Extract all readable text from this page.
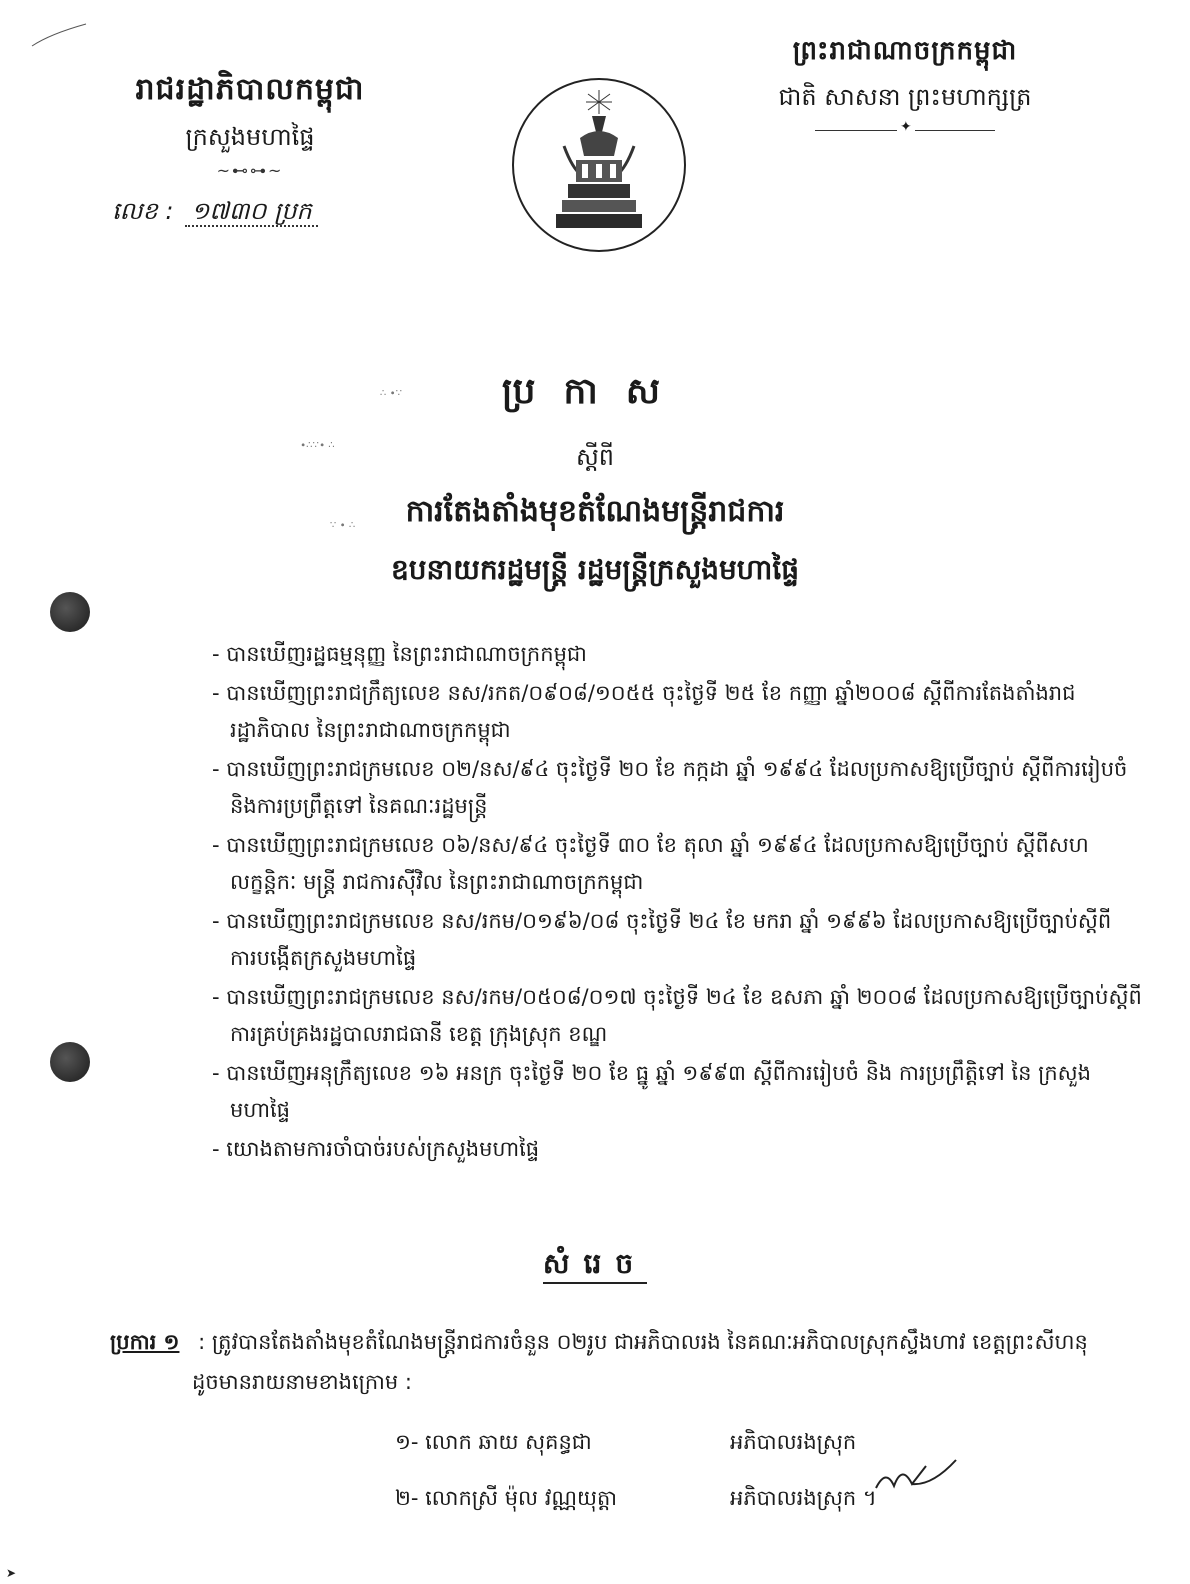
រាជរដ្ឋាភិបាលកម្ពុជា
ក្រសួងមហាផ្ទៃ
~⊷⊶~
លេខ : ១៧៣០ ប្រក
ព្រះរាជាណាចក្រកម្ពុជា
ជាតិ សាសនា ព្រះមហាក្សត្រ
✦
∙∴∵∙ ∴
∴ ∙∵
∵ ∙ ∴
ប្រកាស
ស្តីពី
ការតែងតាំងមុខតំណែងមន្រ្តីរាជការ
ឧបនាយករដ្ឋមន្ត្រី រដ្ឋមន្ត្រីក្រសួងមហាផ្ទៃ
- បានឃើញរដ្ឋធម្មនុញ្ញ នៃព្រះរាជាណាចក្រកម្ពុជា
- បានឃើញព្រះរាជក្រឹត្យលេខ នស/រកត/០៩០៨/១០៥៥ ចុះថ្ងៃទី ២៥ ខែ កញ្ញា ឆ្នាំ២០០៨ ស្តីពីការតែងតាំងរាជរដ្ឋាភិបាល នៃព្រះរាជាណាចក្រកម្ពុជា
- បានឃើញព្រះរាជក្រមលេខ ០២/នស/៩៤ ចុះថ្ងៃទី ២០ ខែ កក្កដា ឆ្នាំ ១៩៩៤ ដែលប្រកាសឱ្យប្រើច្បាប់ ស្តីពីការរៀបចំ និងការប្រព្រឹត្តទៅ នៃគណៈរដ្ឋមន្ត្រី
- បានឃើញព្រះរាជក្រមលេខ ០៦/នស/៩៤ ចុះថ្ងៃទី ៣០ ខែ តុលា ឆ្នាំ ១៩៩៤ ដែលប្រកាសឱ្យប្រើច្បាប់ ស្តីពីសហលក្ខន្តិកៈ មន្ត្រី រាជការស៊ីវិល នៃព្រះរាជាណាចក្រកម្ពុជា
- បានឃើញព្រះរាជក្រមលេខ នស/រកម/០១៩៦/០៨ ចុះថ្ងៃទី ២៤ ខែ មករា ឆ្នាំ ១៩៩៦ ដែលប្រកាសឱ្យប្រើច្បាប់ស្តីពី ការបង្កើតក្រសួងមហាផ្ទៃ
- បានឃើញព្រះរាជក្រមលេខ នស/រកម/០៥០៨/០១៧ ចុះថ្ងៃទី ២៤ ខែ ឧសភា ឆ្នាំ ២០០៨ ដែលប្រកាសឱ្យប្រើច្បាប់ស្តីពី ការគ្រប់គ្រងរដ្ឋបាលរាជធានី ខេត្ត ក្រុងស្រុក ខណ្ឌ
- បានឃើញអនុក្រឹត្យលេខ ១៦ អនក្រ ចុះថ្ងៃទី ២០ ខែ ធ្នូ ឆ្នាំ ១៩៩៣ ស្តីពីការរៀបចំ និង ការប្រព្រឹត្តិទៅ នៃ ក្រសួងមហាផ្ទៃ
- យោងតាមការចាំបាច់របស់ក្រសួងមហាផ្ទៃ
សំរេច
ប្រការ ១ : ត្រូវបានតែងតាំងមុខតំណែងមន្ត្រីរាជការចំនួន ០២រូប ជាអភិបាលរង នៃគណៈអភិបាលស្រុកស្ទឹងហាវ ខេត្តព្រះសីហនុ
ដូចមានរាយនាមខាងក្រោម :
១- លោក ឆាយ សុគន្ធជា	អភិបាលរងស្រុក
២- លោកស្រី ម៉ុល វណ្ណយុត្តា	អភិបាលរងស្រុក ។
➤
